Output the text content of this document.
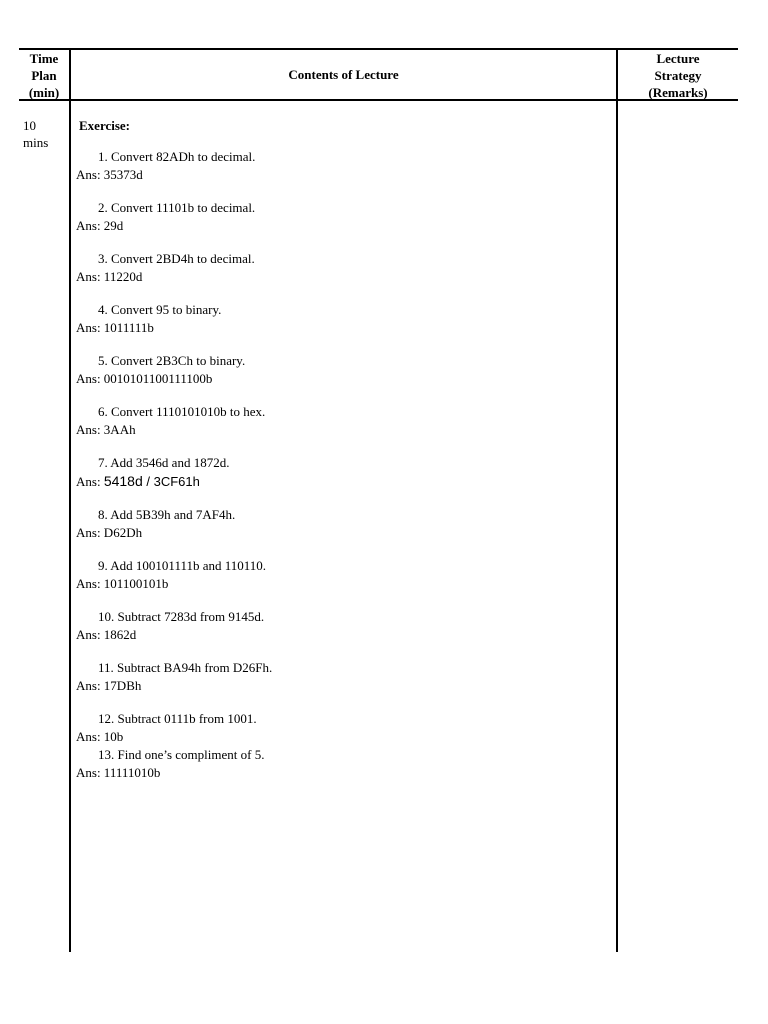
Time
Plan
(min)
Contents of Lecture
Lecture
Strategy
(Remarks)
10
mins
Exercise:
1. Convert 82ADh to decimal.
Ans: 35373d
2. Convert 11101b to decimal.
Ans: 29d
3. Convert 2BD4h to decimal.
Ans: 11220d
4. Convert 95 to binary.
Ans: 1011111b
5. Convert 2B3Ch to binary.
Ans: 0010101100111100b
6. Convert 1110101010b to hex.
Ans: 3AAh
7. Add 3546d and 1872d.
Ans: 5418d / 3CF61h
8. Add 5B39h and 7AF4h.
Ans: D62Dh
9. Add 100101111b and 110110.
Ans: 101100101b
10. Subtract 7283d from 9145d.
Ans: 1862d
11. Subtract BA94h from D26Fh.
Ans: 17DBh
12. Subtract 0111b from 1001.
Ans: 10b
13. Find one’s compliment of 5.
Ans: 11111010b
